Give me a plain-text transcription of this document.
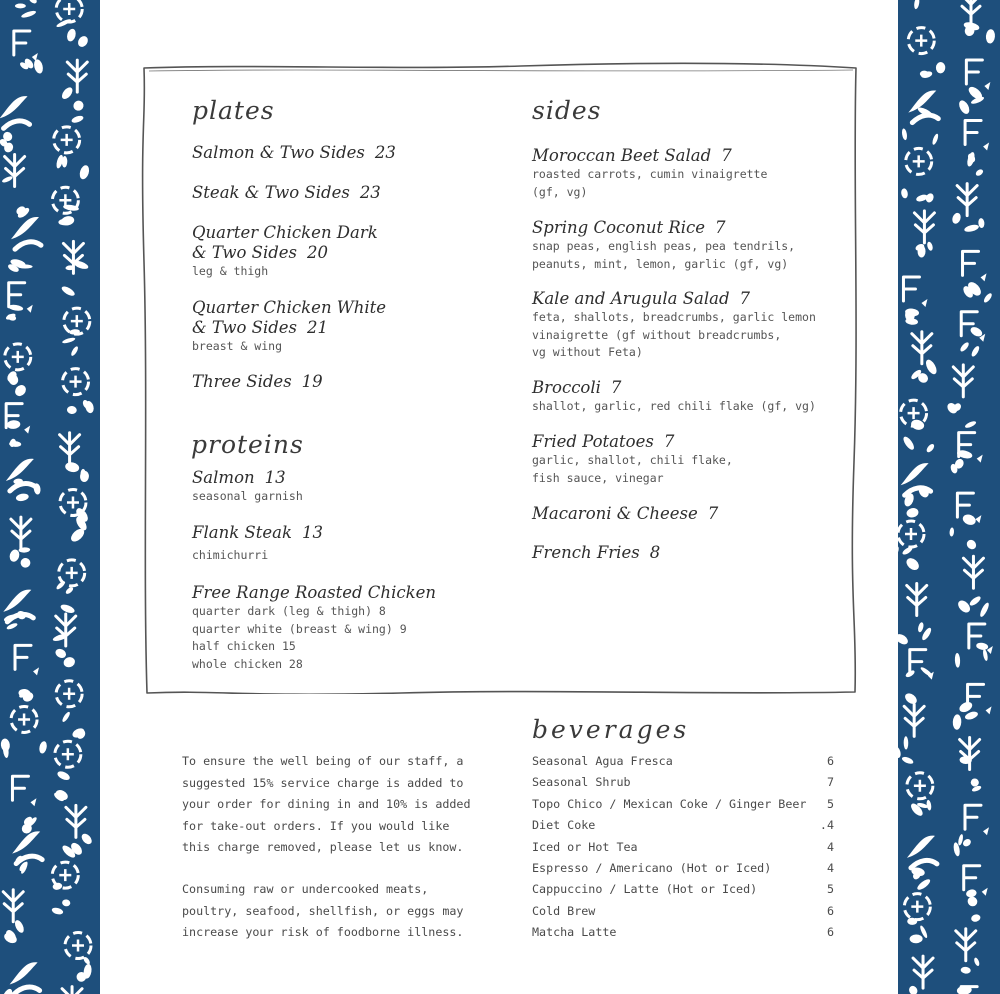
plates
Salmon & Two Sides 23
Steak & Two Sides 23
Quarter Chicken Dark
& Two Sides 20
leg & thigh
Quarter Chicken White
& Two Sides 21
breast & wing
Three Sides 19
proteins
Salmon 13
seasonal garnish
Flank Steak 13
chimichurri
Free Range Roasted Chicken
quarter dark (leg & thigh) 8
quarter white (breast & wing) 9
half chicken 15
whole chicken 28
sides
Moroccan Beet Salad 7
roasted carrots, cumin vinaigrette
(gf, vg)
Spring Coconut Rice 7
snap peas, english peas, pea tendrils,
peanuts, mint, lemon, garlic (gf, vg)
Kale and Arugula Salad 7
feta, shallots, breadcrumbs, garlic lemon
vinaigrette (gf without breadcrumbs,
vg without Feta)
Broccoli 7
shallot, garlic, red chili flake (gf, vg)
Fried Potatoes 7
garlic, shallot, chili flake,
fish sauce, vinegar
Macaroni & Cheese 7
French Fries 8
beverages
Seasonal Agua Fresca	6
Seasonal Shrub	7
Topo Chico / Mexican Coke / Ginger Beer 5
Diet Coke	.4
Iced or Hot Tea	4
Espresso / Americano (Hot or Iced)	4
Cappuccino / Latte (Hot or Iced)	5
Cold Brew	6
Matcha Latte	6
To ensure the well being of our staff, a
suggested 15% service charge is added to
your order for dining in and 10% is added
for take-out orders. If you would like
this charge removed, please let us know.
Consuming raw or undercooked meats,
poultry, seafood, shellfish, or eggs may
increase your risk of foodborne illness.
